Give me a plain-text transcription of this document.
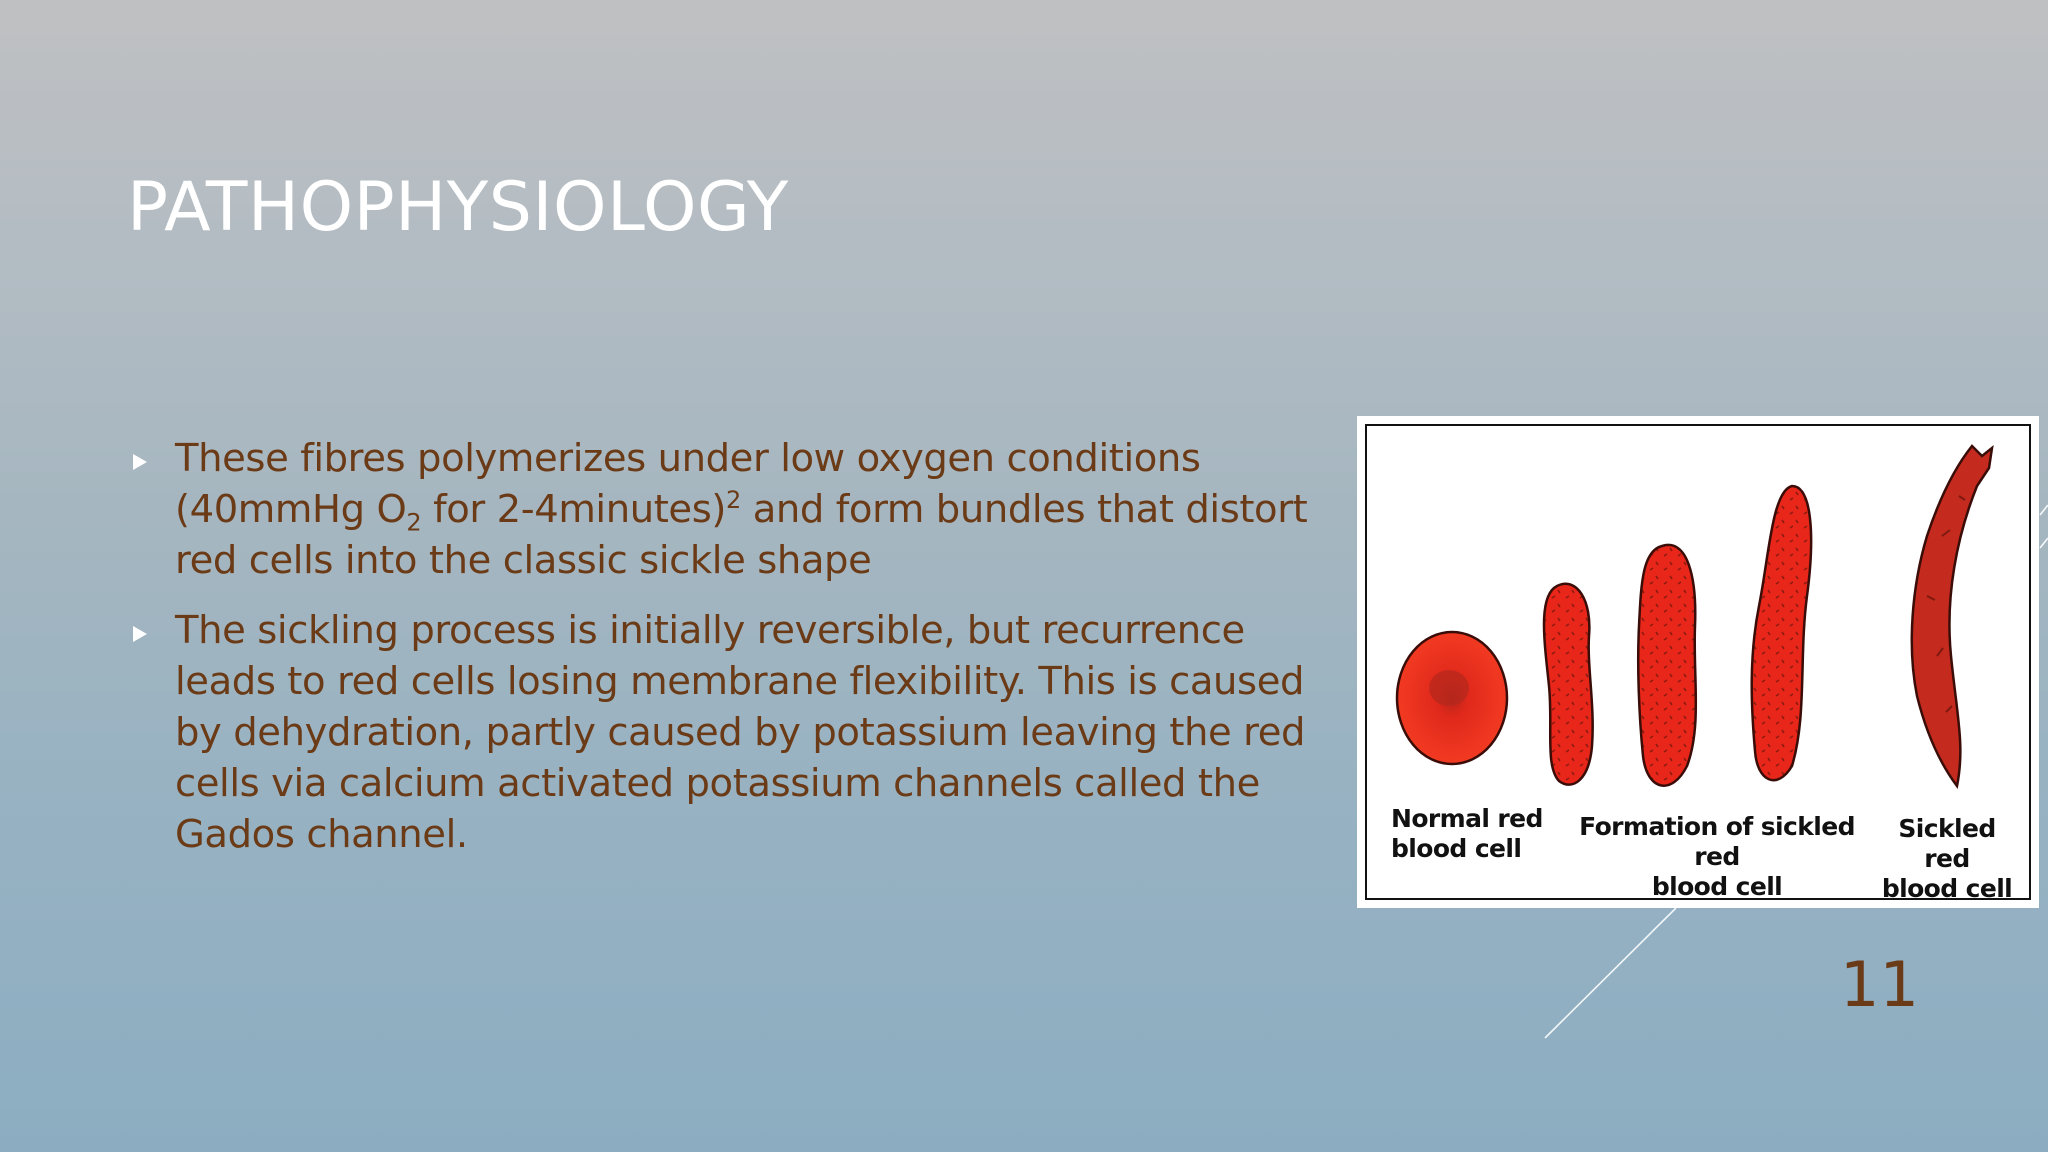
PATHOPHYSIOLOGY
These fibres polymerizes under low oxygen conditions (40mmHg $O_2$ for 2-4minutes)$^2$ and form bundles that distort red cells into the classic sickle shape
The sickling process is initially reversible, but recurrence leads to red cells losing membrane flexibility. This is caused by dehydration, partly caused by potassium leaving the red cells via calcium activated potassium channels called the Gados channel.	Normal red
blood cell
Formation of sickled red
blood cell
Sickled red
blood cell
11
